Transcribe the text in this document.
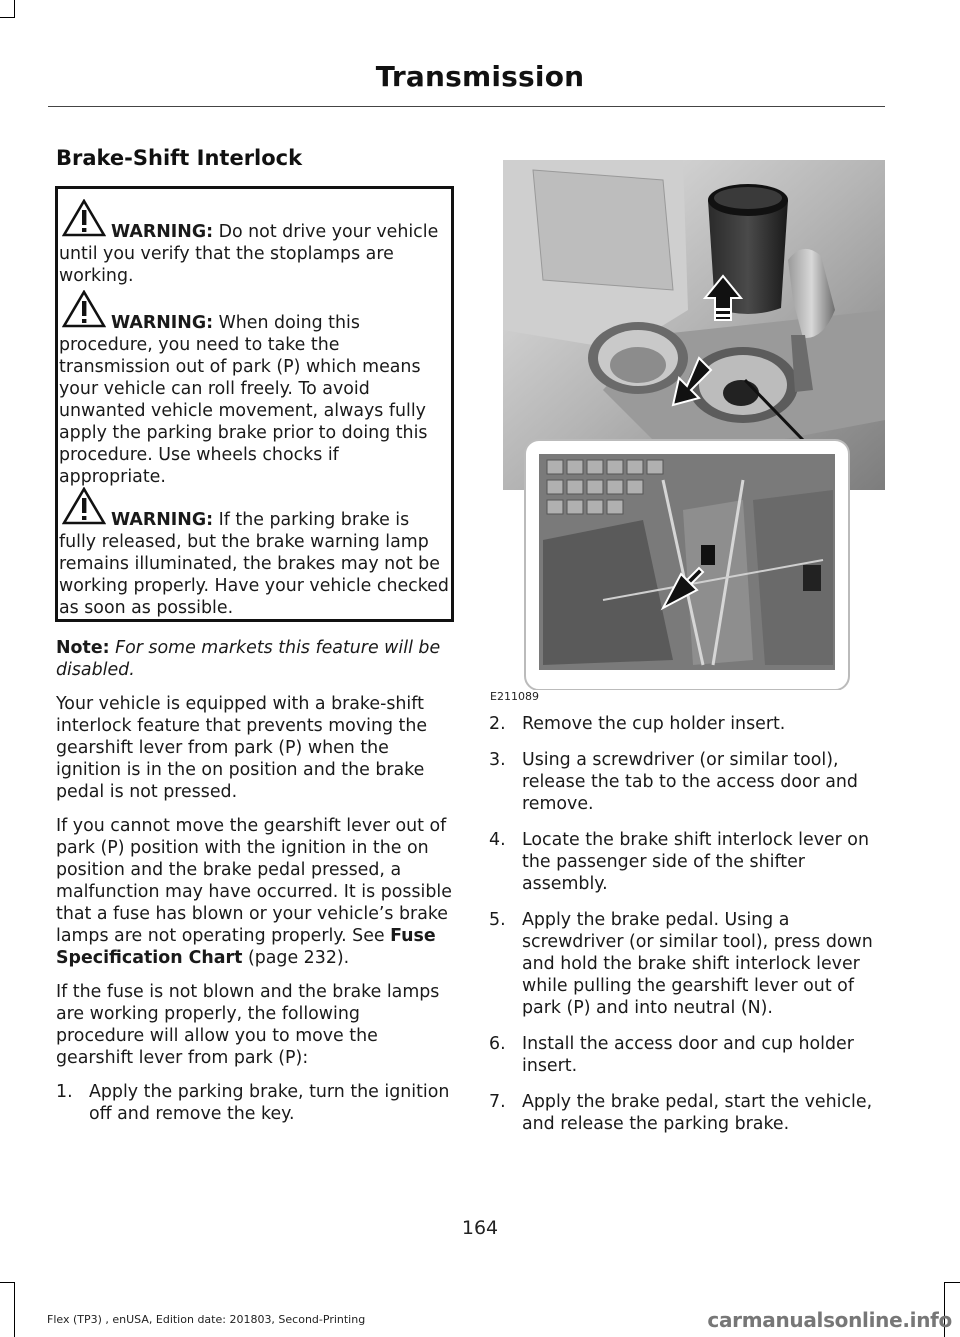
Transmission
Brake-Shift Interlock
WARNING: Do not drive your vehicle until you verify that the stoplamps are working.
WARNING: When doing this procedure, you need to take the transmission out of park (P) which means your vehicle can roll freely. To avoid unwanted vehicle movement, always fully apply the parking brake prior to doing this procedure. Use wheels chocks if appropriate.
WARNING: If the parking brake is fully released, but the brake warning lamp remains illuminated, the brakes may not be working properly. Have your vehicle checked as soon as possible.

Note: For some markets this feature will be disabled.

Your vehicle is equipped with a brake-shift interlock feature that prevents moving the gearshift lever from park (P) when the ignition is in the on position and the brake pedal is not pressed.

If you cannot move the gearshift lever out of park (P) position with the ignition in the on position and the brake pedal pressed, a malfunction may have occurred. It is possible that a fuse has blown or your vehicle’s brake lamps are not operating properly. See Fuse Specification Chart (page 232).

If the fuse is not blown and the brake lamps are working properly, the following procedure will allow you to move the gearshift lever from park (P):

1. Apply the parking brake, turn the ignition off and remove the key.
E211089
2. Remove the cup holder insert.
3. Using a screwdriver (or similar tool), release the tab to the access door and remove.
4. Locate the brake shift interlock lever on the passenger side of the shifter assembly.
5. Apply the brake pedal. Using a screwdriver (or similar tool), press down and hold the brake shift interlock lever while pulling the gearshift lever out of park (P) and into neutral (N).
6. Install the access door and cup holder insert.
7. Apply the brake pedal, start the vehicle, and release the parking brake.
164
Flex (TP3) , enUSA, Edition date: 201803, Second-Printing	carmanualsonline.info
